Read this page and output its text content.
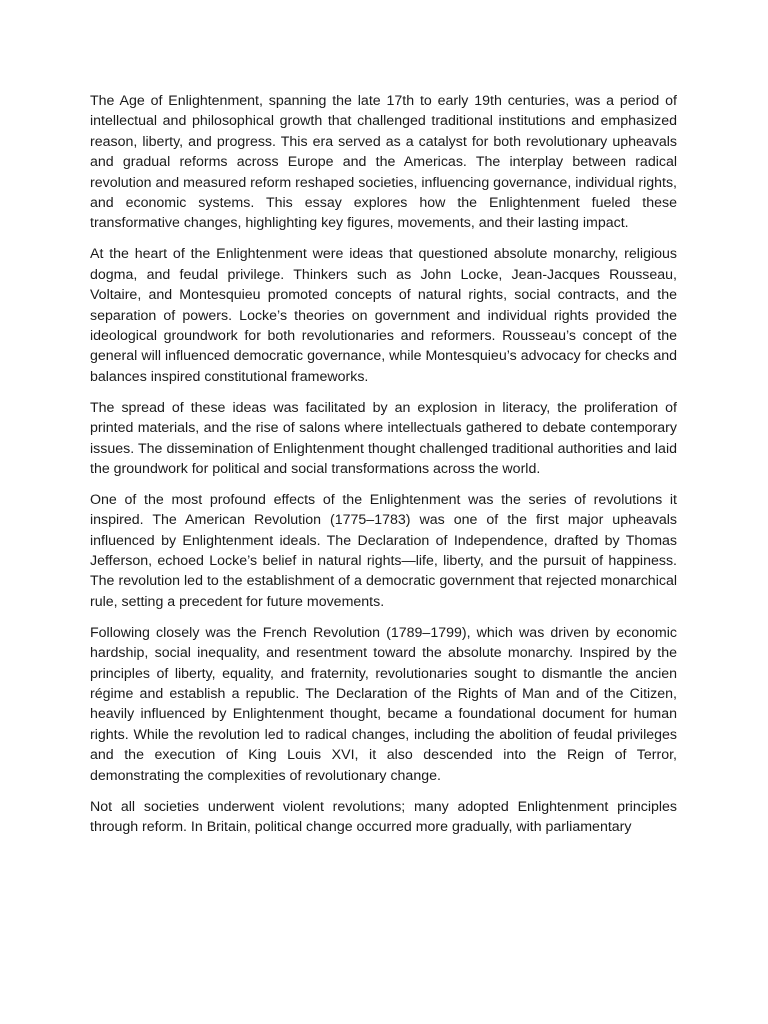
The Age of Enlightenment, spanning the late 17th to early 19th centuries, was a period of intellectual and philosophical growth that challenged traditional institutions and emphasized reason, liberty, and progress. This era served as a catalyst for both revolutionary upheavals and gradual reforms across Europe and the Americas. The interplay between radical revolution and measured reform reshaped societies, influencing governance, individual rights, and economic systems. This essay explores how the Enlightenment fueled these transformative changes, highlighting key figures, movements, and their lasting impact.

At the heart of the Enlightenment were ideas that questioned absolute monarchy, religious dogma, and feudal privilege. Thinkers such as John Locke, Jean-Jacques Rousseau, Voltaire, and Montesquieu promoted concepts of natural rights, social contracts, and the separation of powers. Locke’s theories on government and individual rights provided the ideological groundwork for both revolutionaries and reformers. Rousseau’s concept of the general will influenced democratic governance, while Montesquieu’s advocacy for checks and balances inspired constitutional frameworks.

The spread of these ideas was facilitated by an explosion in literacy, the proliferation of printed materials, and the rise of salons where intellectuals gathered to debate contemporary issues. The dissemination of Enlightenment thought challenged traditional authorities and laid the groundwork for political and social transformations across the world.

One of the most profound effects of the Enlightenment was the series of revolutions it inspired. The American Revolution (1775–1783) was one of the first major upheavals influenced by Enlightenment ideals. The Declaration of Independence, drafted by Thomas Jefferson, echoed Locke’s belief in natural rights—life, liberty, and the pursuit of happiness. The revolution led to the establishment of a democratic government that rejected monarchical rule, setting a precedent for future movements.

Following closely was the French Revolution (1789–1799), which was driven by economic hardship, social inequality, and resentment toward the absolute monarchy. Inspired by the principles of liberty, equality, and fraternity, revolutionaries sought to dismantle the ancien régime and establish a republic. The Declaration of the Rights of Man and of the Citizen, heavily influenced by Enlightenment thought, became a foundational document for human rights. While the revolution led to radical changes, including the abolition of feudal privileges and the execution of King Louis XVI, it also descended into the Reign of Terror, demonstrating the complexities of revolutionary change.

Not all societies underwent violent revolutions; many adopted Enlightenment principles through reform. In Britain, political change occurred more gradually, with parliamentary
